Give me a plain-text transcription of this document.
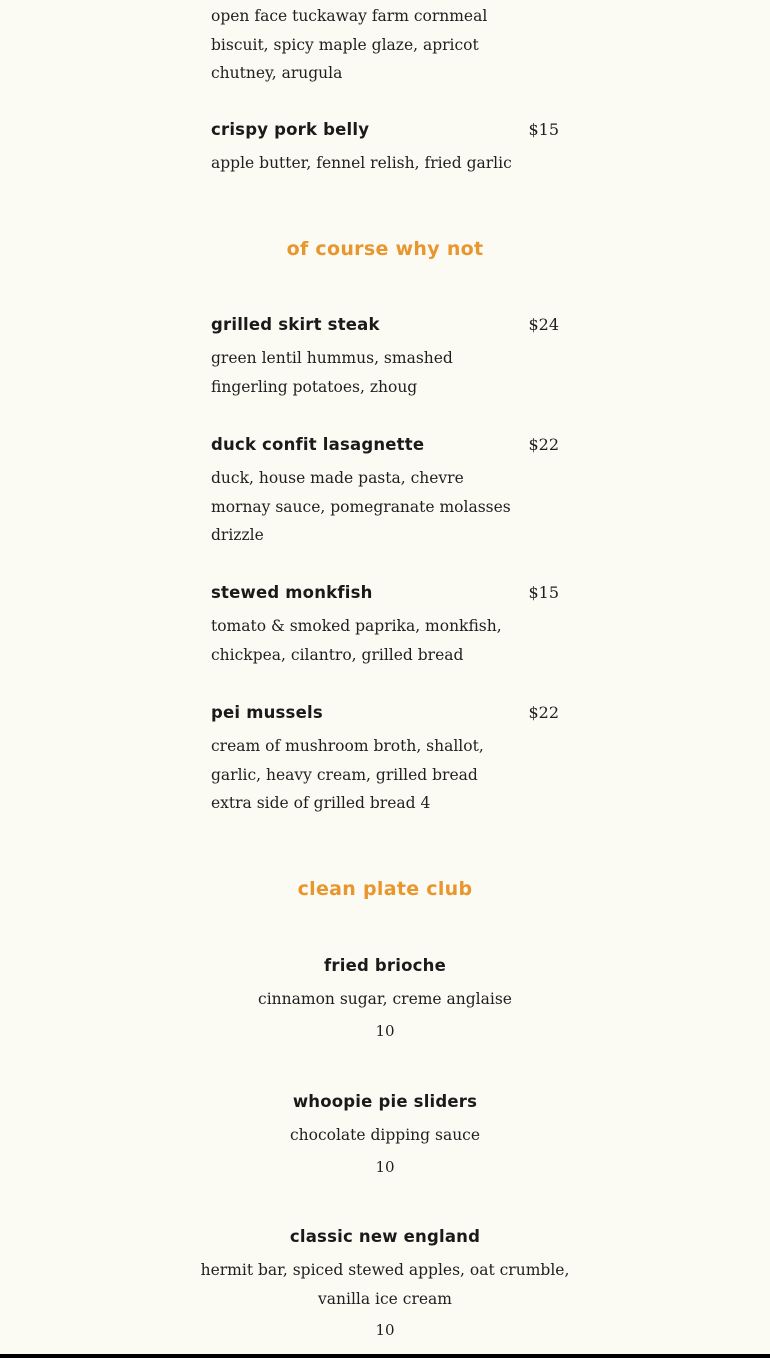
open face tuckaway farm cornmeal
biscuit, spicy maple glaze, apricot
chutney, arugula
crispy pork belly	$15
apple butter, fennel relish, fried garlic
of course why not
grilled skirt steak	$24
green lentil hummus, smashed
fingerling potatoes, zhoug
duck confit lasagnette	$22
duck, house made pasta, chevre
mornay sauce, pomegranate molasses
drizzle
stewed monkfish	$15
tomato & smoked paprika, monkfish,
chickpea, cilantro, grilled bread
pei mussels	$22
cream of mushroom broth, shallot,
garlic, heavy cream, grilled bread
extra side of grilled bread 4
clean plate club
fried brioche
cinnamon sugar, creme anglaise
10
whoopie pie sliders
chocolate dipping sauce
10
classic new england
hermit bar, spiced stewed apples, oat crumble,
vanilla ice cream
10
